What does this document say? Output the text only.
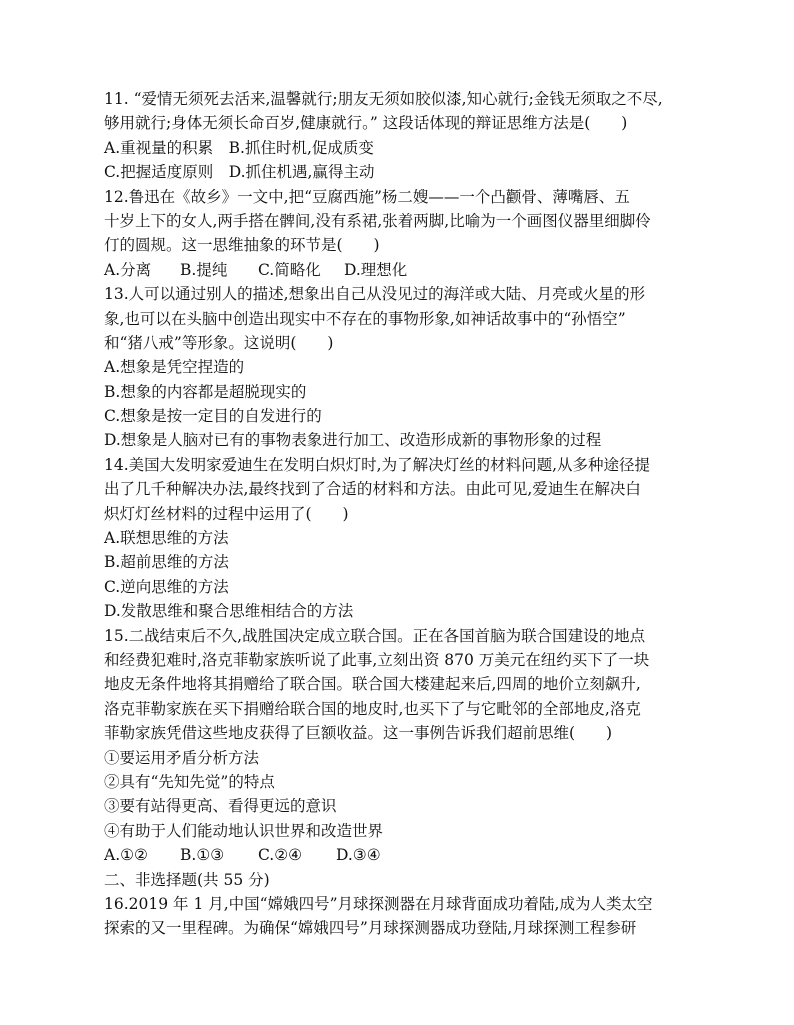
11. “爱情无须死去活来,温馨就行;朋友无须如胶似漆,知心就行;金钱无须取之不尽,
够用就行;身体无须长命百岁,健康就行。” 这段话体现的辩证思维方法是(　　)
A.重视量的积累　B.抓住时机,促成质变
C.把握适度原则　D.抓住机遇,赢得主动
12.鲁迅在《故乡》一文中,把“豆腐西施”杨二嫂——一个凸颧骨、薄嘴唇、五
十岁上下的女人,两手搭在髀间,没有系裙,张着两脚,比喻为一个画图仪器里细脚伶
仃的圆规。这一思维抽象的环节是(　　)
A.分离 B.提纯 C.简略化 D.理想化
13.人可以通过别人的描述,想象出自己从没见过的海洋或大陆、月亮或火星的形
象,也可以在头脑中创造出现实中不存在的事物形象,如神话故事中的“孙悟空”
和“猪八戒”等形象。这说明(　　)
A.想象是凭空捏造的
B.想象的内容都是超脱现实的
C.想象是按一定目的自发进行的
D.想象是人脑对已有的事物表象进行加工、改造形成新的事物形象的过程
14.美国大发明家爱迪生在发明白炽灯时,为了解决灯丝的材料问题,从多种途径提
出了几千种解决办法,最终找到了合适的材料和方法。由此可见,爱迪生在解决白
炽灯灯丝材料的过程中运用了(　　)
A.联想思维的方法
B.超前思维的方法
C.逆向思维的方法
D.发散思维和聚合思维相结合的方法
15.二战结束后不久,战胜国决定成立联合国。正在各国首脑为联合国建设的地点
和经费犯难时,洛克菲勒家族听说了此事,立刻出资 870 万美元在纽约买下了一块
地皮无条件地将其捐赠给了联合国。联合国大楼建起来后,四周的地价立刻飙升,
洛克菲勒家族在买下捐赠给联合国的地皮时,也买下了与它毗邻的全部地皮,洛克
菲勒家族凭借这些地皮获得了巨额收益。这一事例告诉我们超前思维(　　)
①要运用矛盾分析方法
②具有“先知先觉”的特点
③要有站得更高、看得更远的意识
④有助于人们能动地认识世界和改造世界
A.①② B.①③ C.②④ D.③④
二、非选择题(共 55 分)
16.2019 年 1 月,中国“嫦娥四号”月球探测器在月球背面成功着陆,成为人类太空
探索的又一里程碑。为确保“嫦娥四号”月球探测器成功登陆,月球探测工程参研
